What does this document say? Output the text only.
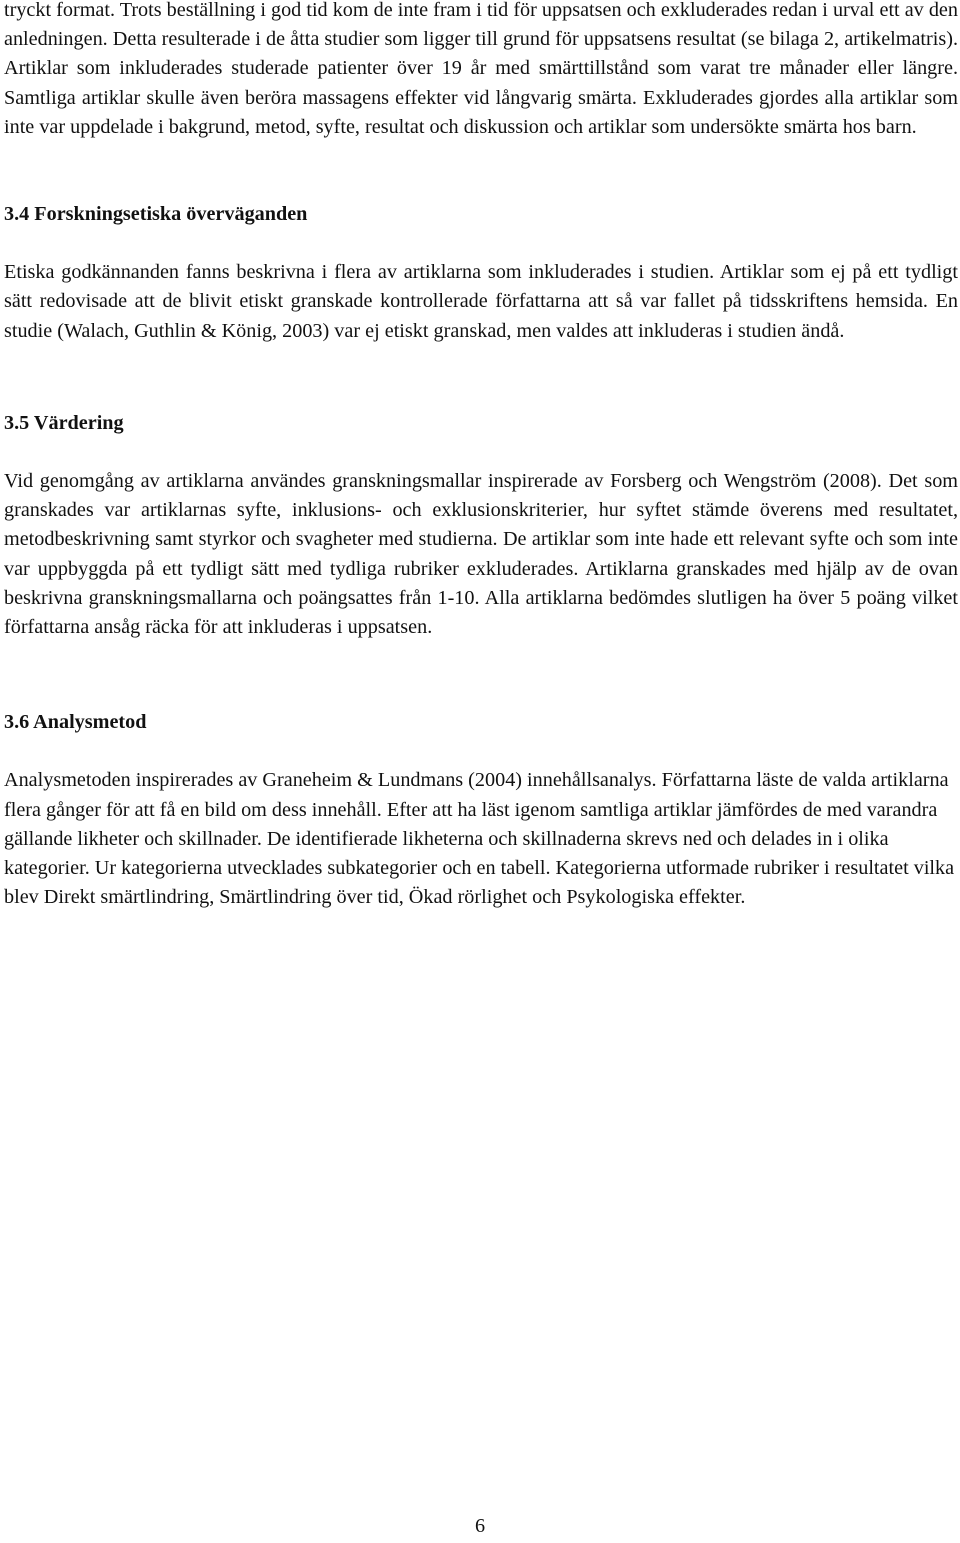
tryckt format. Trots beställning i god tid kom de inte fram i tid för uppsatsen och exkluderades redan i urval ett av den anledningen. Detta resulterade i de åtta studier som ligger till grund för uppsatsens resultat (se bilaga 2, artikelmatris). Artiklar som inkluderades studerade patienter över 19 år med smärttillstånd som varat tre månader eller längre. Samtliga artiklar skulle även beröra massagens effekter vid långvarig smärta. Exkluderades gjordes alla artiklar som inte var uppdelade i bakgrund, metod, syfte, resultat och diskussion och artiklar som undersökte smärta hos barn.

3.4 Forskningsetiska överväganden

Etiska godkännanden fanns beskrivna i flera av artiklarna som inkluderades i studien. Artiklar som ej på ett tydligt sätt redovisade att de blivit etiskt granskade kontrollerade författarna att så var fallet på tidsskriftens hemsida. En studie (Walach, Guthlin & König, 2003) var ej etiskt granskad, men valdes att inkluderas i studien ändå.

3.5 Värdering

Vid genomgång av artiklarna användes granskningsmallar inspirerade av Forsberg och Wengström (2008). Det som granskades var artiklarnas syfte, inklusions- och exklusionskriterier, hur syftet stämde överens med resultatet, metodbeskrivning samt styrkor och svagheter med studierna. De artiklar som inte hade ett relevant syfte och som inte var uppbyggda på ett tydligt sätt med tydliga rubriker exkluderades. Artiklarna granskades med hjälp av de ovan beskrivna granskningsmallarna och poängsattes från 1-10. Alla artiklarna bedömdes slutligen ha över 5 poäng vilket författarna ansåg räcka för att inkluderas i uppsatsen.

3.6 Analysmetod

Analysmetoden inspirerades av Graneheim & Lundmans (2004) innehållsanalys. Författarna läste de valda artiklarna flera gånger för att få en bild om dess innehåll. Efter att ha läst igenom samtliga artiklar jämfördes de med varandra gällande likheter och skillnader. De identifierade likheterna och skillnaderna skrevs ned och delades in i olika kategorier. Ur kategorierna utvecklades subkategorier och en tabell. Kategorierna utformade rubriker i resultatet vilka blev Direkt smärtlindring, Smärtlindring över tid, Ökad rörlighet och Psykologiska effekter.

6
